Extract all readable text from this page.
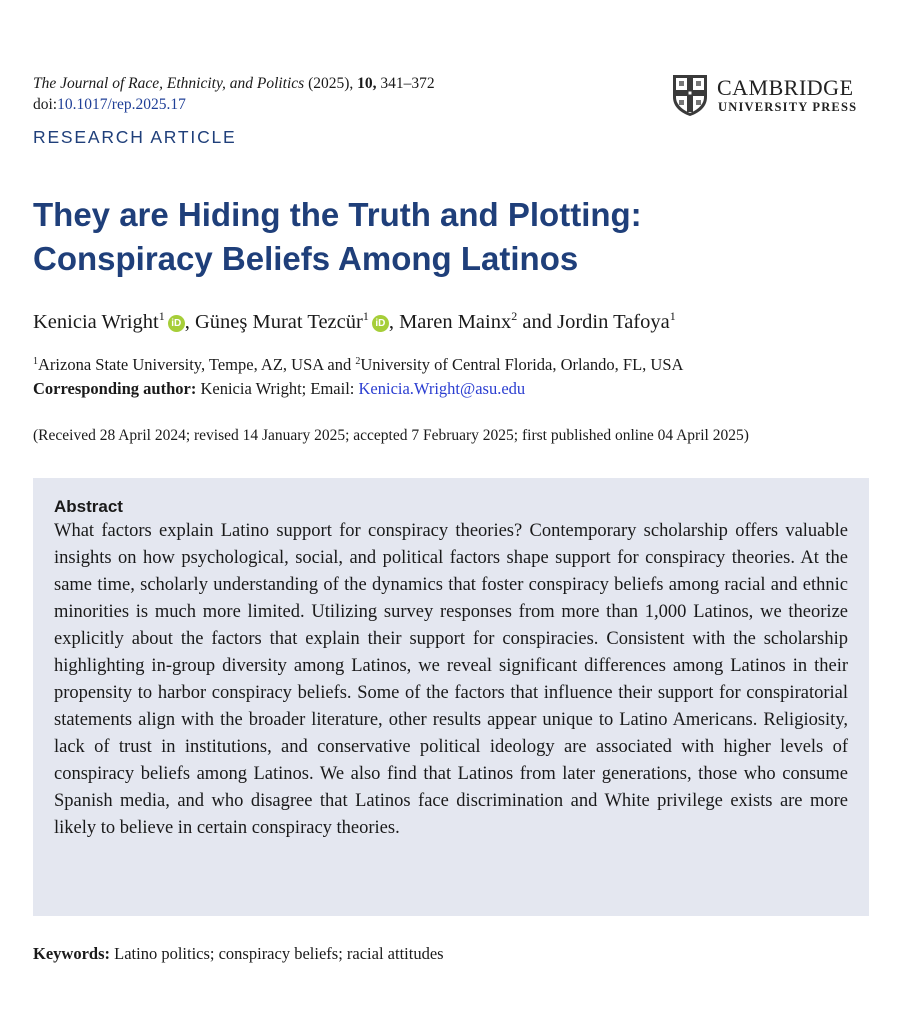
The Journal of Race, Ethnicity, and Politics (2025), 10, 341–372
doi:10.1017/rep.2025.17
CAMBRIDGE
UNIVERSITY PRESS
RESEARCH ARTICLE
They are Hiding the Truth and Plotting:
Conspiracy Beliefs Among Latinos
Kenicia Wright$^1$iD , Güneş Murat Tezcür$^1$iD , Maren Mainx$^2$ and Jordin Tafoya$^1$
$^1$Arizona State University, Tempe, AZ, USA and $^2$University of Central Florida, Orlando, FL, USA
Corresponding author: Kenicia Wright; Email: Kenicia.Wright@asu.edu
(Received 28 April 2024; revised 14 January 2025; accepted 7 February 2025; first published online 04 April 2025)
Abstract

What factors explain Latino support for conspiracy theories? Contemporary scholarship offers valuable insights on how psychological, social, and political factors shape support for conspiracy theories. At the same time, scholarly understanding of the dynamics that foster conspiracy beliefs among racial and ethnic minorities is much more limited. Utilizing survey responses from more than 1,000 Latinos, we theorize explicitly about the factors that explain their support for conspiracies. Consistent with the scholarship highlighting in-group diversity among Latinos, we reveal significant differences among Latinos in their propensity to harbor conspiracy beliefs. Some of the factors that influence their support for conspiratorial statements align with the broader literature, other results appear unique to Latino Americans. Religiosity, lack of trust in institutions, and conservative political ideology are associated with higher levels of conspiracy beliefs among Latinos. We also find that Latinos from later generations, those who consume Spanish media, and who disagree that Latinos face discrimination and White privilege exists are more likely to believe in certain conspiracy theories.

Keywords: Latino politics; conspiracy beliefs; racial attitudes
